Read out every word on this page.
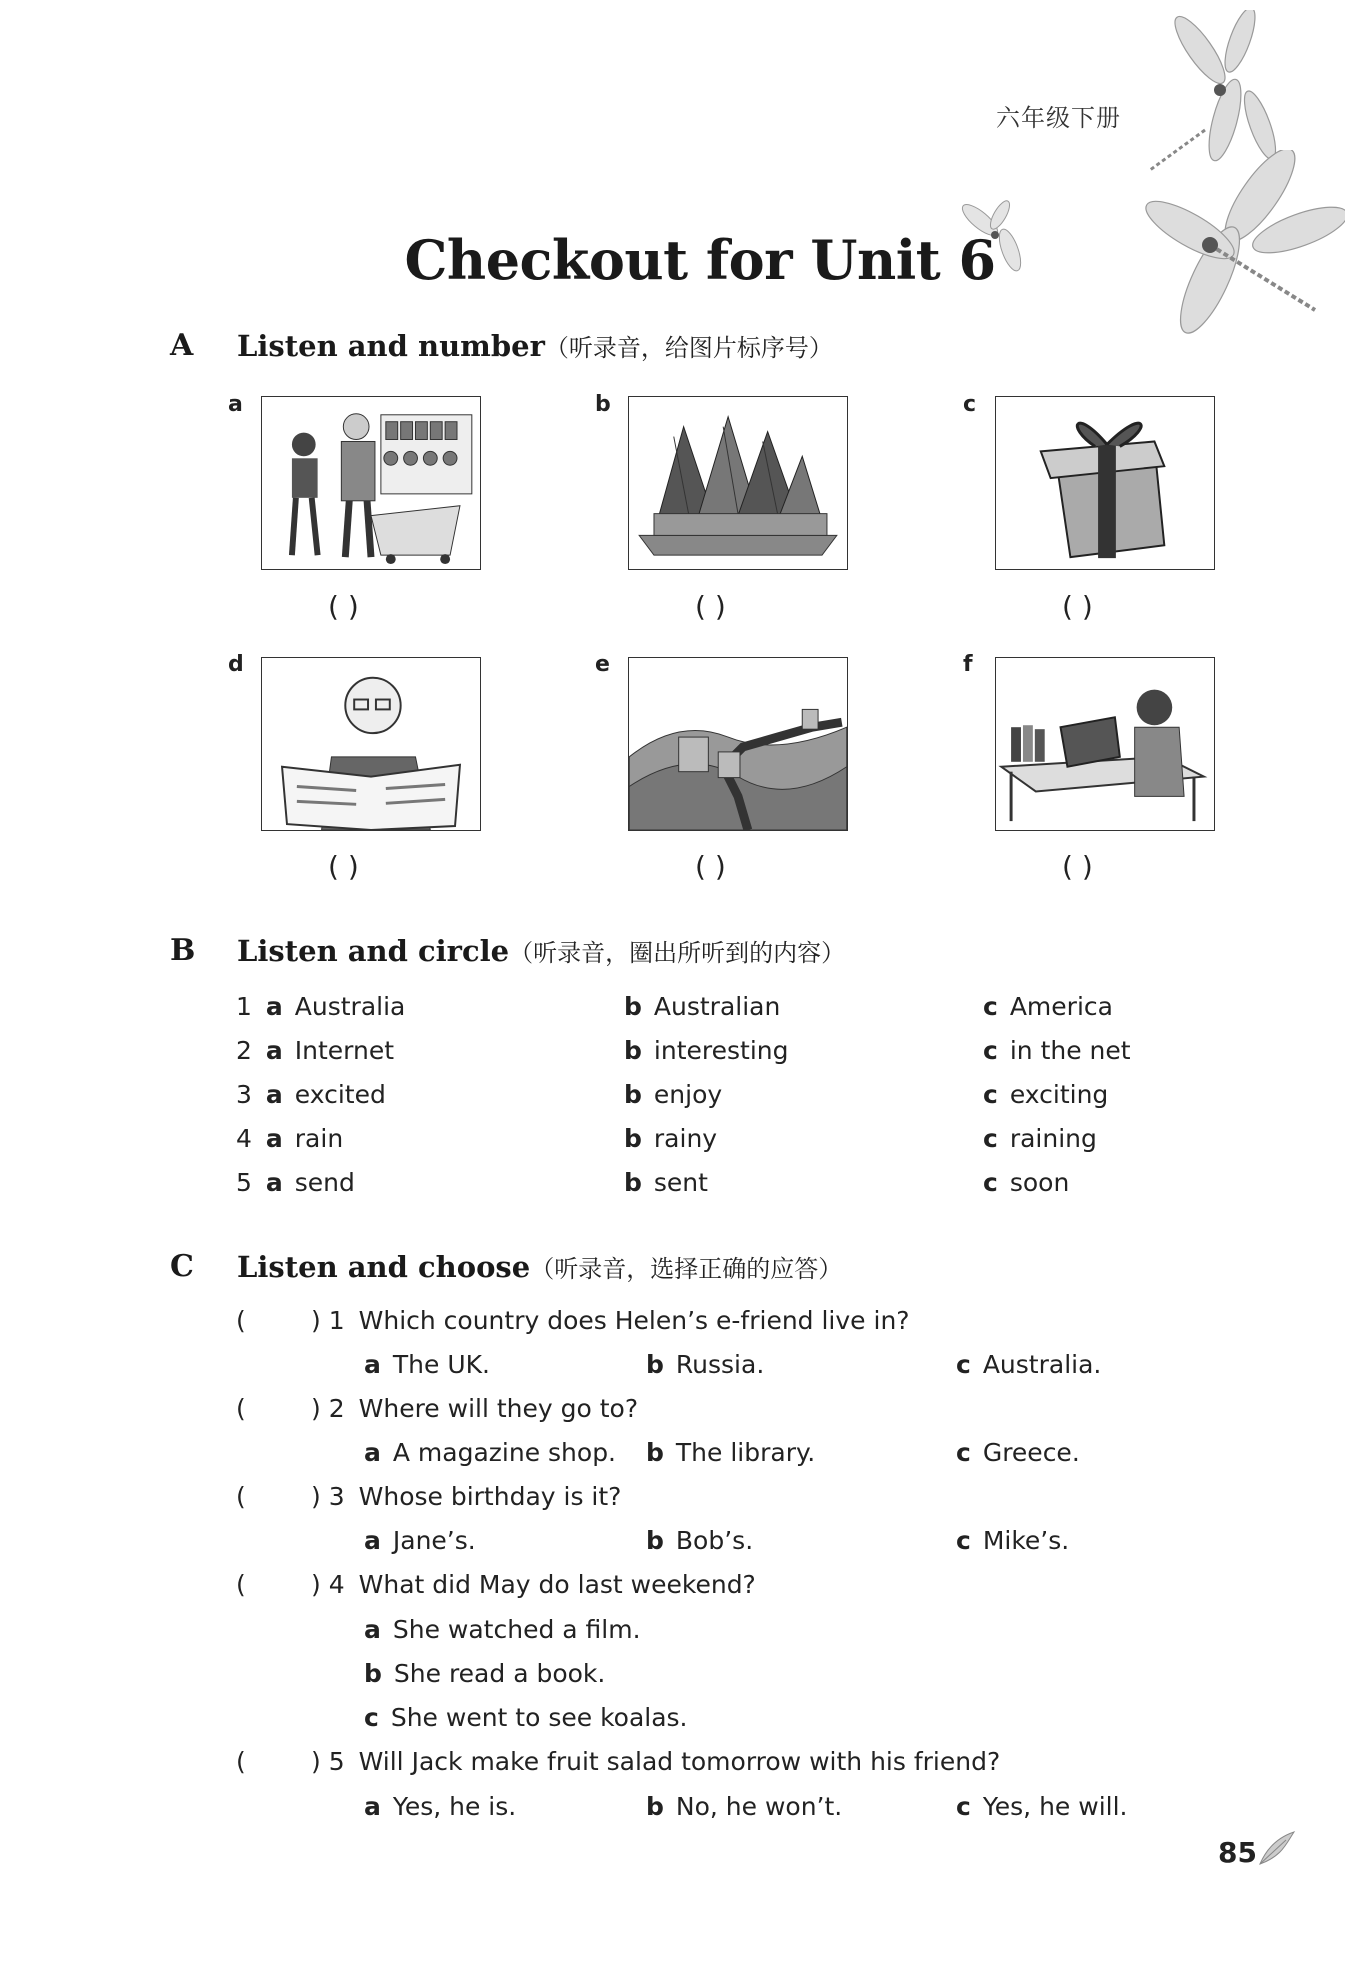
六年级下册
Checkout for Unit 6
A Listen and number（听录音，给图片标序号）
a
( )
b
( )
c
( )
d
( )
e
( )
f
( )
B Listen and circle（听录音，圈出所听到的内容）
1 a Australia	b Australian	c America
2 a Internet	b interesting	c in the net
3 a excited	b enjoy	c exciting
4 a rain	b rainy	c raining
5 a send	b sent	c soon
C Listen and choose（听录音，选择正确的应答）
(	) 1 Which country does Helen’s e-friend live in?
a The UK.	b Russia.	c Australia.
(	) 2 Where will they go to?
a A magazine shop. b The library.	c Greece.
(	) 3 Whose birthday is it?
a Jane’s.	b Bob’s.	c Mike’s.
(	) 4 What did May do last weekend?
a She watched a film.
b She read a book.
c She went to see koalas.
(	) 5 Will Jack make fruit salad tomorrow with his friend?
a Yes, he is.	b No, he won’t.	c Yes, he will.
85
